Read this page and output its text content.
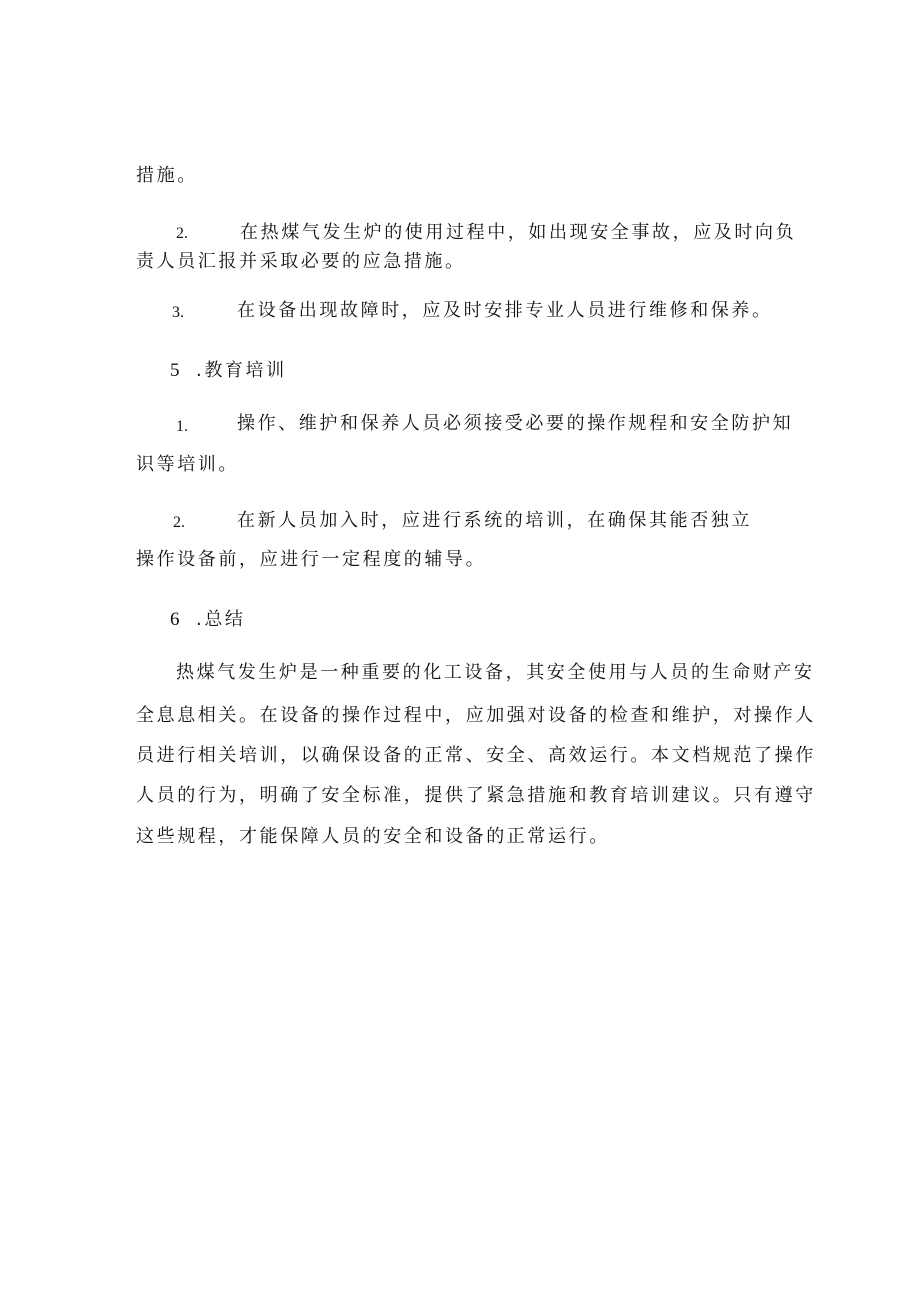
措施。
2.	在热煤气发生炉的使用过程中，如出现安全事故，应及时向负
责人员汇报并采取必要的应急措施。
3.	在设备出现故障时，应及时安排专业人员进行维修和保养。
5 .教育培训
1.	操作、维护和保养人员必须接受必要的操作规程和安全防护知
识等培训。
2.	在新人员加入时，应进行系统的培训，在确保其能否独立
操作设备前，应进行一定程度的辅导。
6 .总结
热煤气发生炉是一种重要的化工设备，其安全使用与人员的生命财产安
全息息相关。在设备的操作过程中，应加强对设备的检查和维护，对操作人
员进行相关培训，以确保设备的正常、安全、高效运行。本文档规范了操作
人员的行为，明确了安全标准，提供了紧急措施和教育培训建议。只有遵守
这些规程，才能保障人员的安全和设备的正常运行。
